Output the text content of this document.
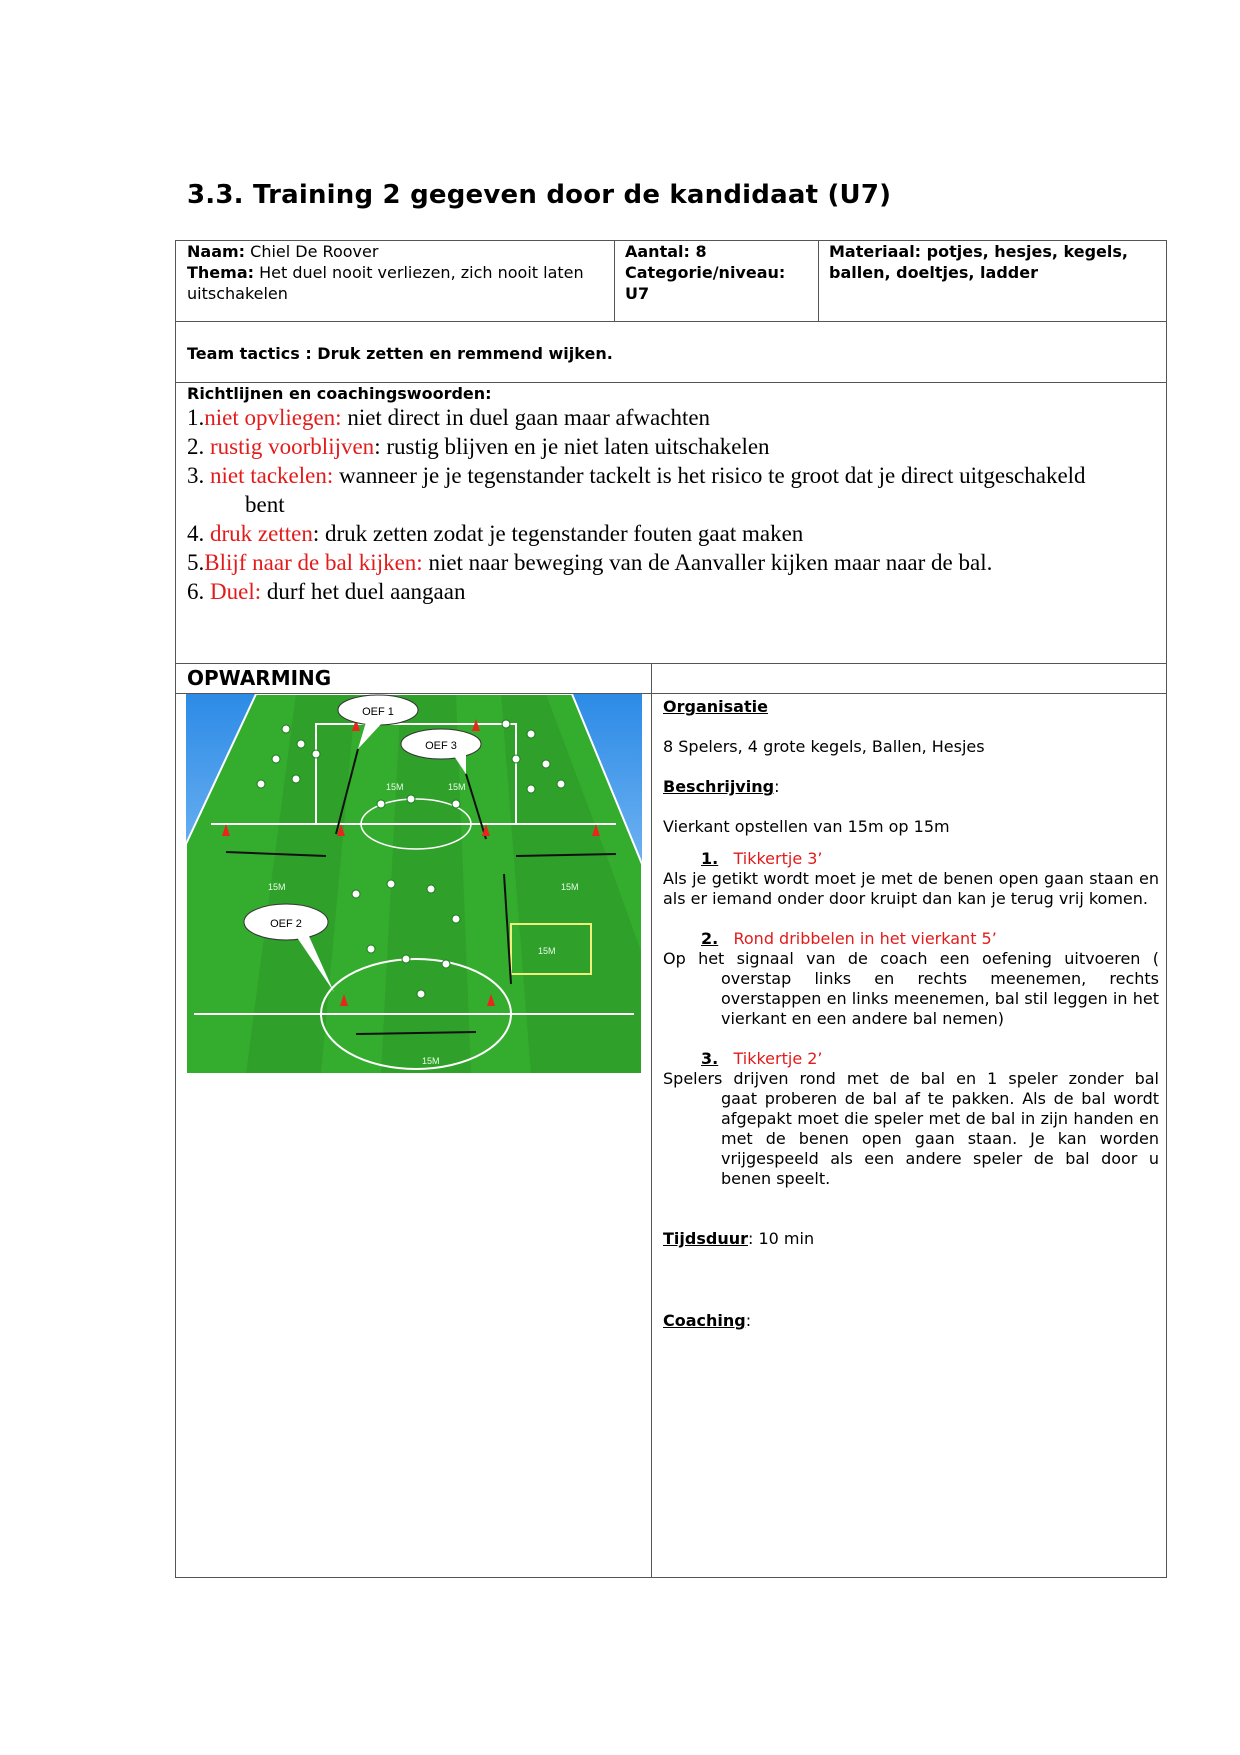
3.3. Training 2 gegeven door de kandidaat (U7)
Naam: Chiel De Roover
Thema: Het duel nooit verliezen, zich nooit laten uitschakelen
Aantal: 8
Categorie/niveau: U7
Materiaal: potjes, hesjes, kegels, ballen, doeltjes, ladder
Team tactics : Druk zetten en remmend wijken.
Richtlijnen en coachingswoorden:
1.niet opvliegen: niet direct in duel gaan maar afwachten
2. rustig voorblijven: rustig blijven en je niet laten uitschakelen
3. niet tackelen: wanneer je je tegenstander tackelt is het risico te groot dat je direct uitgeschakeld
bent
4. druk zetten: druk zetten zodat je tegenstander fouten gaat maken
5.Blijf naar de bal kijken: niet naar beweging van de Aanvaller kijken maar naar de bal.
6. Duel: durf het duel aangaan
OPWARMING
OEF 1
OEF 3
OEF 2
15M	15M
15M	15M
15M
15M
Organisatie
8 Spelers, 4 grote kegels, Ballen, Hesjes
Beschrijving:
Vierkant opstellen van 15m op 15m
1. Tikkertje 3’
Als je getikt wordt moet je met de benen open gaan staan en als er iemand onder door kruipt dan kan je terug vrij komen.
2. Rond dribbelen in het vierkant 5’
Op het signaal van de coach een oefening uitvoeren (
overstap links en rechts meenemen, rechts overstappen en links meenemen, bal stil leggen in het vierkant en een andere bal nemen)
3. Tikkertje 2’
Spelers drijven rond met de bal en 1 speler zonder bal
gaat proberen de bal af te pakken. Als de bal wordt afgepakt moet die speler met de bal in zijn handen en met de benen open gaan staan. Je kan worden vrijgespeeld als een andere speler de bal door u benen speelt.
Tijdsduur: 10 min
Coaching:
